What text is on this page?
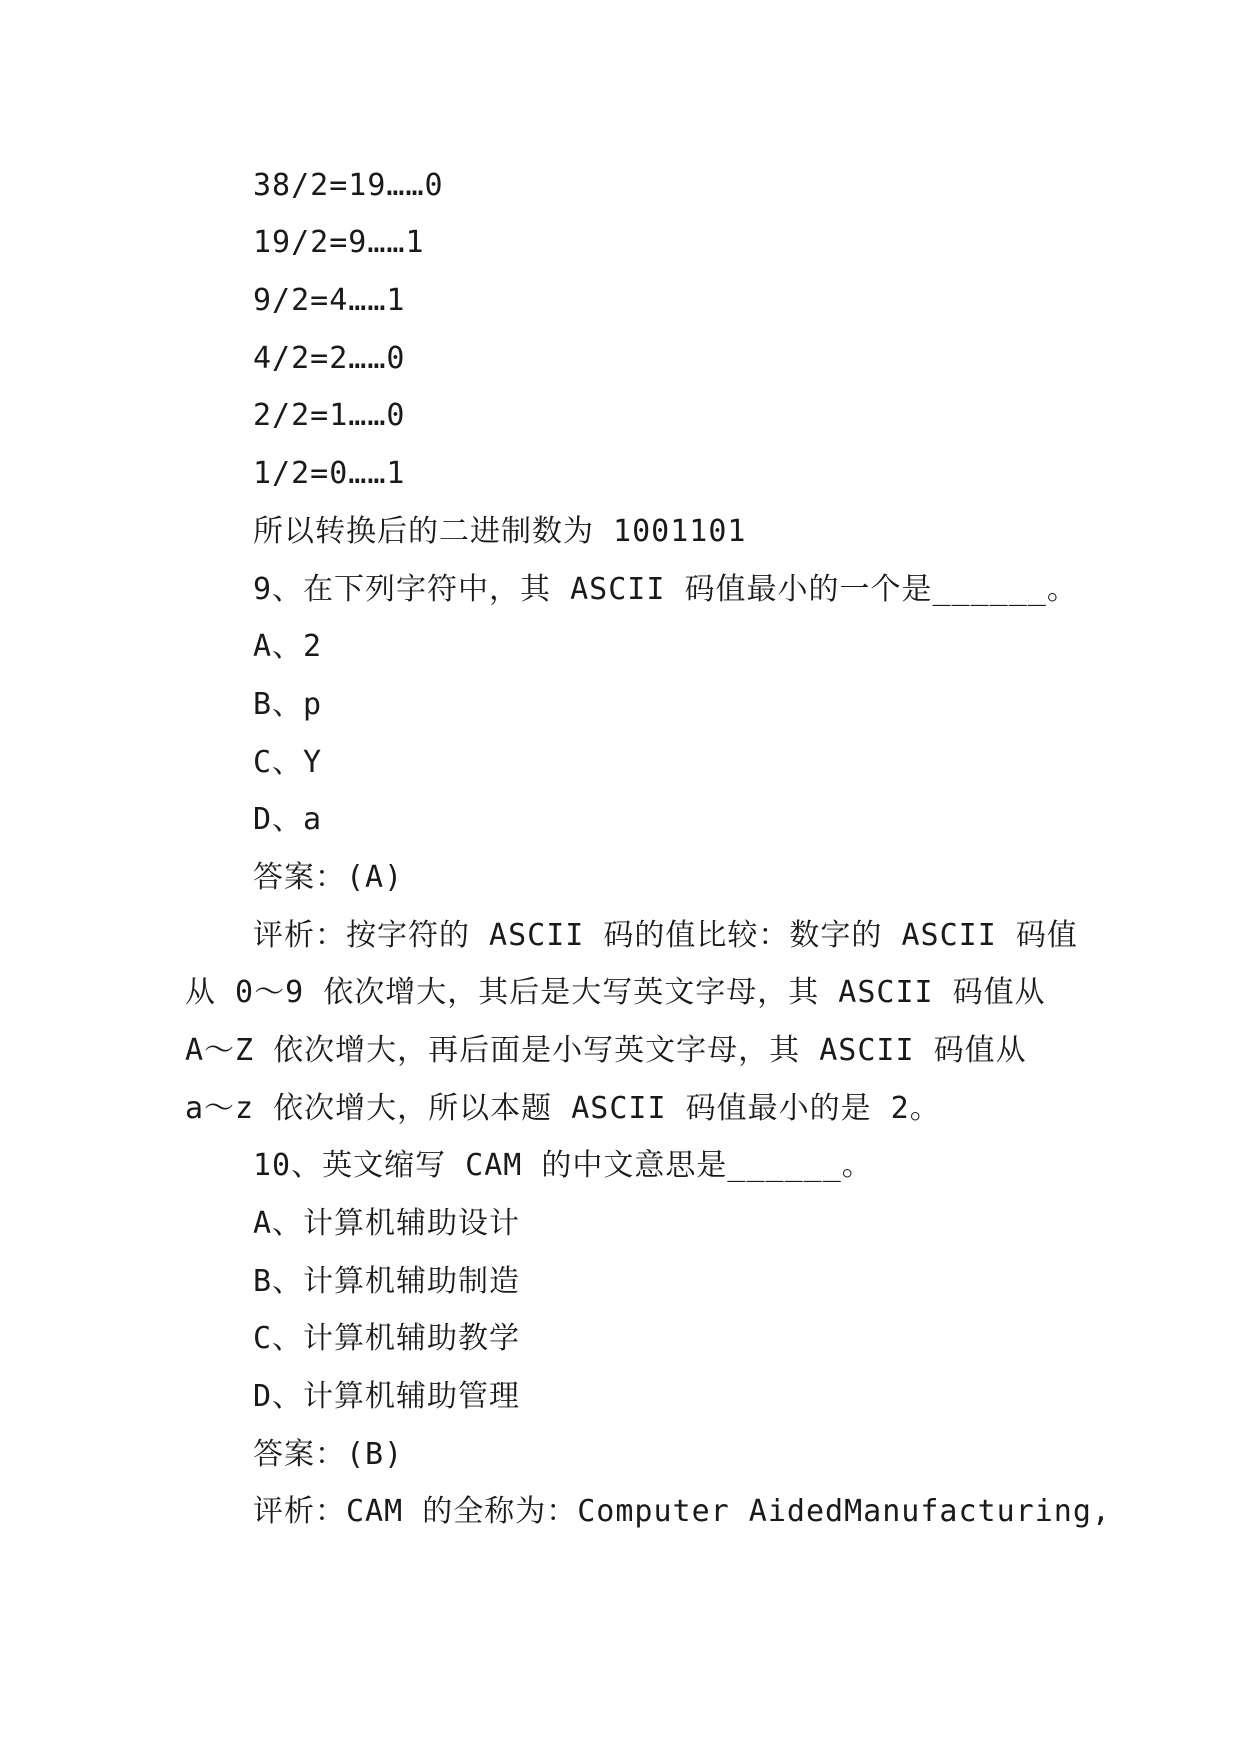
38/2=19……0
19/2=9……1
9/2=4……1
4/2=2……0
2/2=1……0
1/2=0……1
所以转换后的二进制数为 1001101
9、在下列字符中，其 ASCII 码值最小的一个是______。
A、2
B、p
C、Y
D、a
答案：(A)
评析：按字符的 ASCII 码的值比较：数字的 ASCII 码值
从 0～9 依次增大，其后是大写英文字母，其 ASCII 码值从
A～Z 依次增大，再后面是小写英文字母，其 ASCII 码值从
a～z 依次增大，所以本题 ASCII 码值最小的是 2。
10、英文缩写 CAM 的中文意思是______。
A、计算机辅助设计
B、计算机辅助制造
C、计算机辅助教学
D、计算机辅助管理
答案：(B)
评析：CAM 的全称为：Computer AidedManufacturing,
